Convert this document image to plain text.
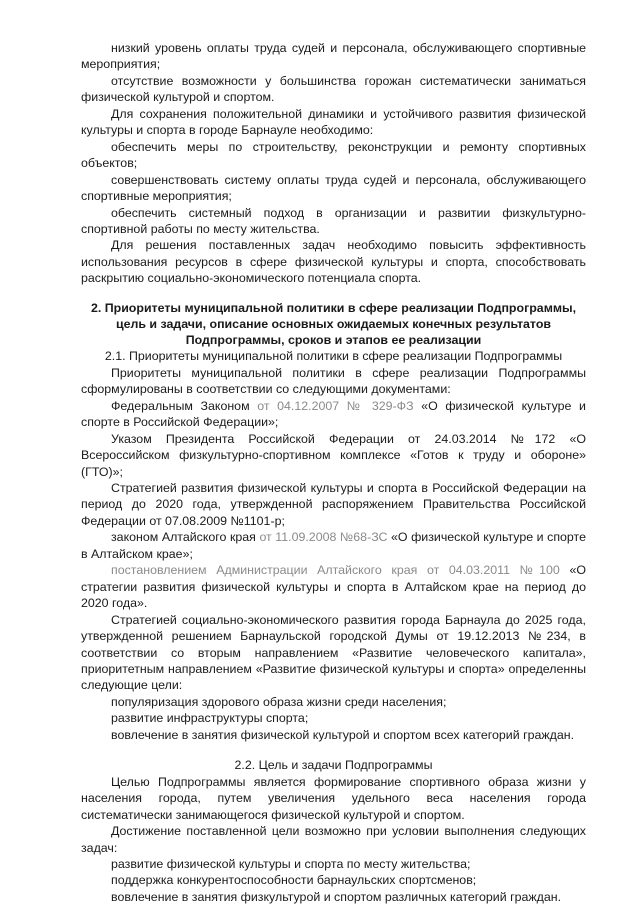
низкий уровень оплаты труда судей и персонала, обслуживающего спортивные мероприятия;

отсутствие возможности у большинства горожан систематически заниматься физической культурой и спортом.

Для сохранения положительной динамики и устойчивого развития физической культуры и спорта в городе Барнауле необходимо:

обеспечить меры по строительству, реконструкции и ремонту спортивных объектов;

совершенствовать систему оплаты труда судей и персонала, обслуживающего спортивные мероприятия;

обеспечить системный подход в организации и развитии физкультурно-спортивной работы по месту жительства.

Для решения поставленных задач необходимо повысить эффективность использования ресурсов в сфере физической культуры и спорта, способствовать раскрытию социально-экономического потенциала спорта.

2. Приоритеты муниципальной политики в сфере реализации Подпрограммы, цель и задачи, описание основных ожидаемых конечных результатов Подпрограммы, сроков и этапов ее реализации

2.1. Приоритеты муниципальной политики в сфере реализации Подпрограммы

Приоритеты муниципальной политики в сфере реализации Подпрограммы сформулированы в соответствии со следующими документами:

Федеральным Законом от 04.12.2007 № 329-ФЗ «О физической культуре и спорте в Российской Федерации»;

Указом Президента Российской Федерации от 24.03.2014 №172 «О Всероссийском физкультурно-спортивном комплексе «Готов к труду и обороне» (ГТО)»;

Стратегией развития физической культуры и спорта в Российской Федерации на период до 2020 года, утвержденной распоряжением Правительства Российской Федерации от 07.08.2009 №1101-р;

законом Алтайского края от 11.09.2008 №68-ЗС «О физической культуре и спорте в Алтайском крае»;

постановлением Администрации Алтайского края от 04.03.2011 №100 «О стратегии развития физической культуры и спорта в Алтайском крае на период до 2020 года».

Стратегией социально-экономического развития города Барнаула до 2025 года, утвержденной решением Барнаульской городской Думы от 19.12.2013 №234, в соответствии со вторым направлением «Развитие человеческого капитала», приоритетным направлением «Развитие физической культуры и спорта» определенны следующие цели:

популяризация здорового образа жизни среди населения;

развитие инфраструктуры спорта;

вовлечение в занятия физической культурой и спортом всех категорий граждан.

2.2. Цель и задачи Подпрограммы

Целью Подпрограммы является формирование спортивного образа жизни у населения города, путем увеличения удельного веса населения города систематически занимающегося физической культурой и спортом.

Достижение поставленной цели возможно при условии выполнения следующих задач:

развитие физической культуры и спорта по месту жительства;

поддержка конкурентоспособности барнаульских спортсменов;

вовлечение в занятия физкультурой и спортом различных категорий граждан.
